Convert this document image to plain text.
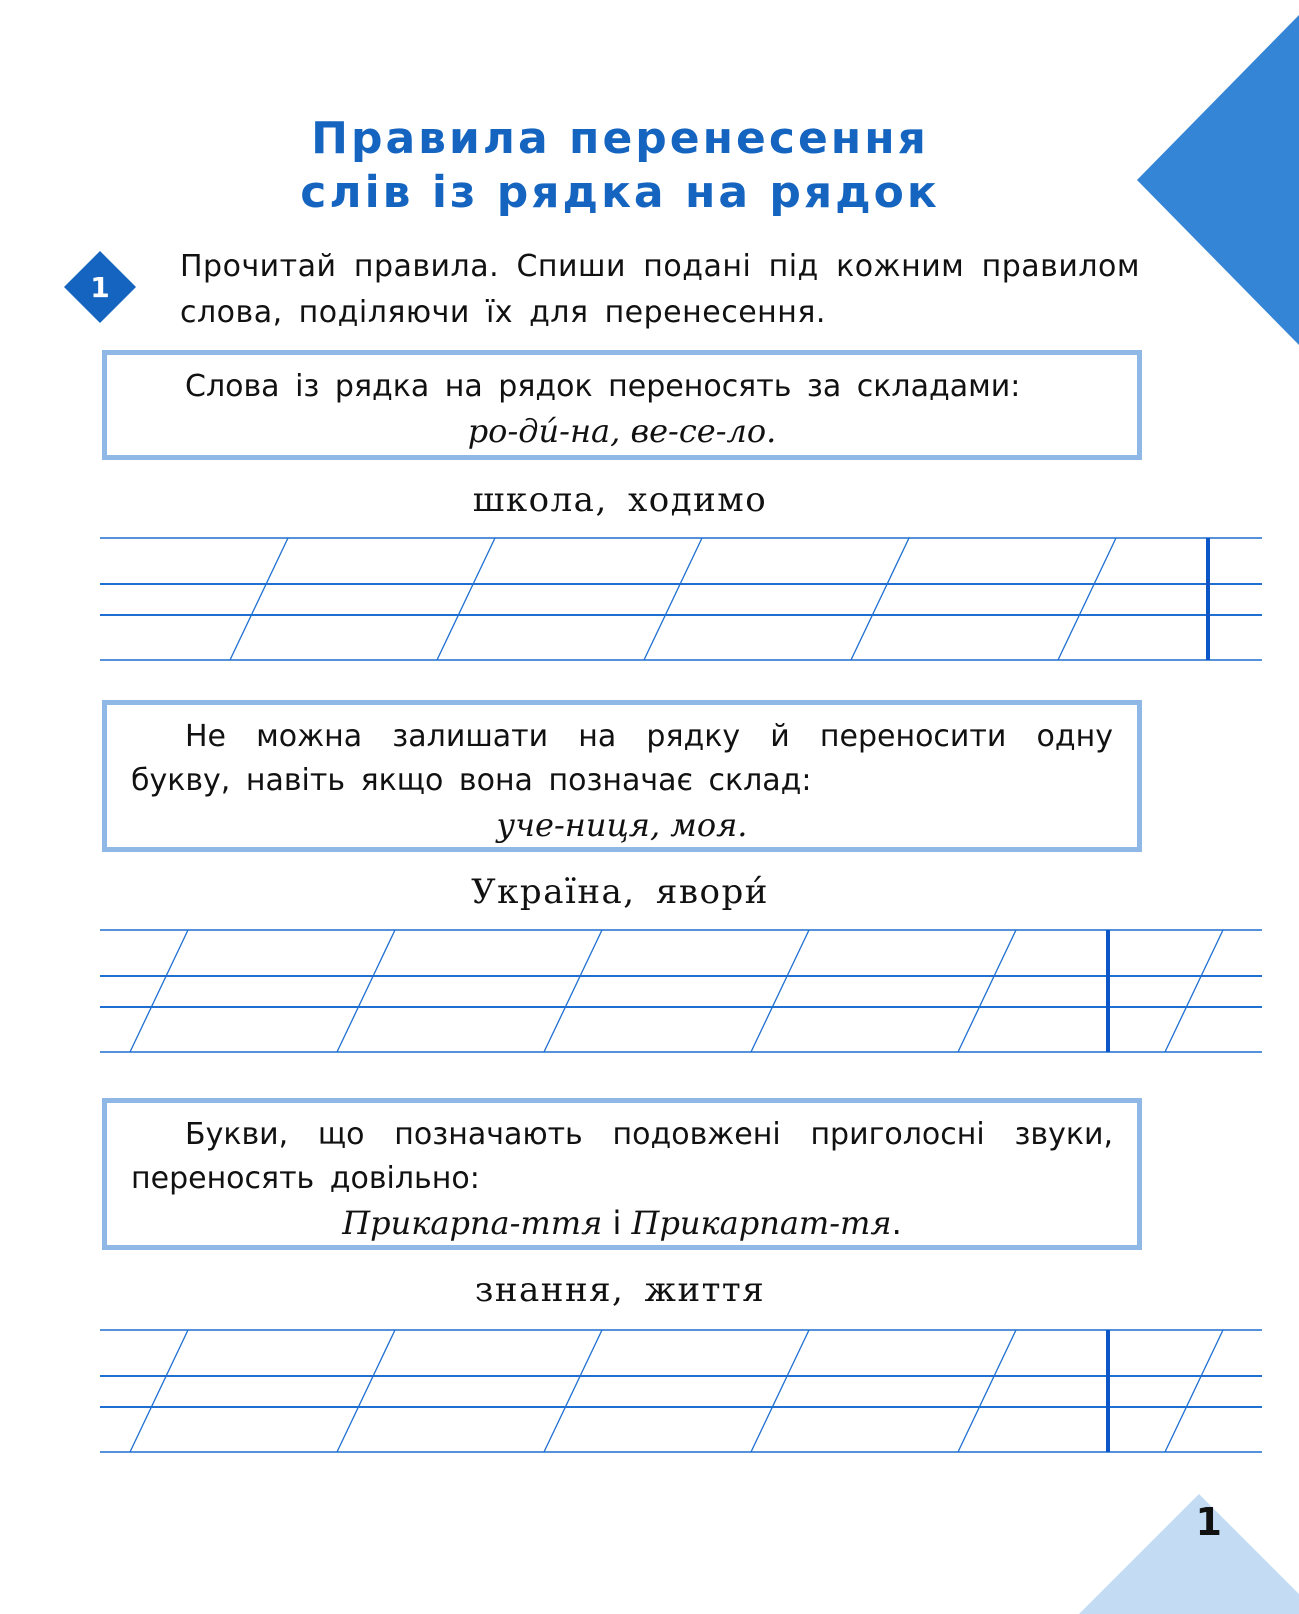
1
Правила перенесення
слів із рядка на рядок
1
Прочитай правила. Спиши подані під кожним правилом слова, поділяючи їх для перенесення.
Слова із рядка на рядок переносять за складами:
ро-ди́-на, ве-се-ло.
школа, ходимо
Не можна залишати на рядку й переносити одну букву, навіть якщо вона позначає склад:
уче-ниця, моя.
Україна, явори́
Букви, що позначають подовжені приголосні звуки, переносять довільно:
Прикарпа-ття і Прикарпат-тя.
знання, життя
